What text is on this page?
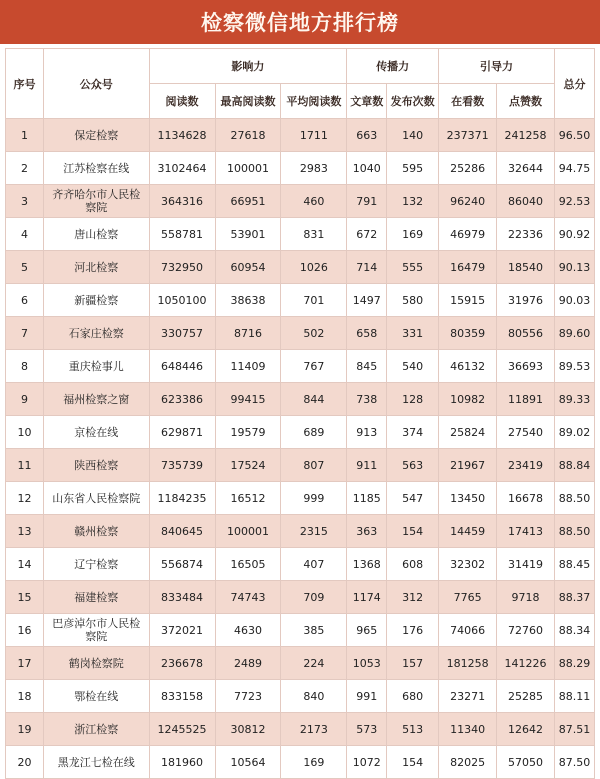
检察微信地方排行榜
序号	公众号	影响力			传播力		引导力		总分
		阅读数	最高阅读数	平均阅读数	文章数	发布次数	在看数	点赞数	
1	保定检察	1134628	27618	1711	663	140	237371	241258	96.50
2	江苏检察在线	3102464	100001	2983	1040	595	25286	32644	94.75
3	齐齐哈尔市人民检察院	364316	66951	460	791	132	96240	86040	92.53
4	唐山检察	558781	53901	831	672	169	46979	22336	90.92
5	河北检察	732950	60954	1026	714	555	16479	18540	90.13
6	新疆检察	1050100	38638	701	1497	580	15915	31976	90.03
7	石家庄检察	330757	8716	502	658	331	80359	80556	89.60
8	重庆检事儿	648446	11409	767	845	540	46132	36693	89.53
9	福州检察之窗	623386	99415	844	738	128	10982	11891	89.33
10	京检在线	629871	19579	689	913	374	25824	27540	89.02
11	陕西检察	735739	17524	807	911	563	21967	23419	88.84
12	山东省人民检察院	1184235	16512	999	1185	547	13450	16678	88.50
13	赣州检察	840645	100001	2315	363	154	14459	17413	88.50
14	辽宁检察	556874	16505	407	1368	608	32302	31419	88.45
15	福建检察	833484	74743	709	1174	312	7765	9718	88.37
16	巴彦淖尔市人民检察院	372021	4630	385	965	176	74066	72760	88.34
17	鹤岗检察院	236678	2489	224	1053	157	181258	141226	88.29
18	鄂检在线	833158	7723	840	991	680	23271	25285	88.11
19	浙江检察	1245525	30812	2173	573	513	11340	12642	87.51
20	黑龙江七检在线	181960	10564	169	1072	154	82025	57050	87.50
